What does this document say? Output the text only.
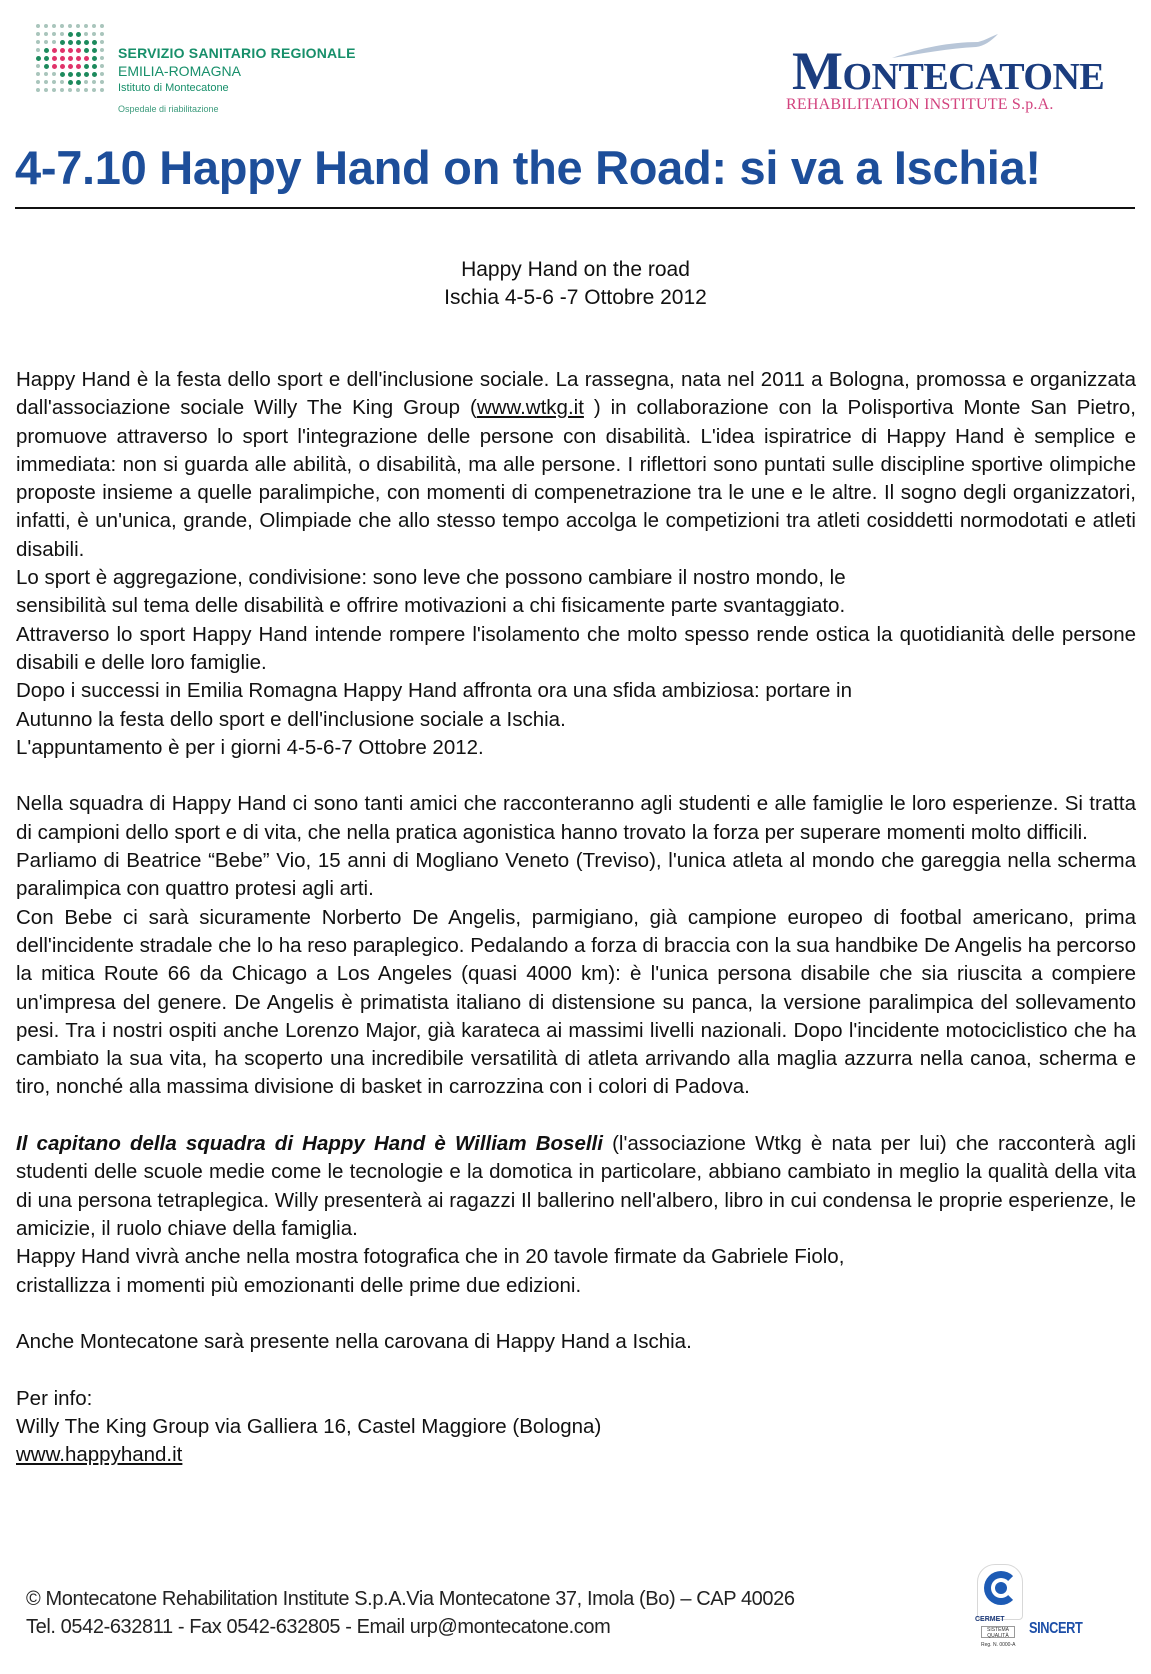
SERVIZIO SANITARIO REGIONALE
EMILIA-ROMAGNA
Istituto di Montecatone
Ospedale di riabilitazione
MONTECATONE
REHABILITATION INSTITUTE S.p.A.
4-7.10 Happy Hand on the Road: si va a Ischia!
Happy Hand on the road
Ischia 4-5-6 -7 Ottobre 2012

Happy Hand è la festa dello sport e dell'inclusione sociale. La rassegna, nata nel 2011 a Bologna, promossa e organizzata dall'associazione sociale Willy The King Group (www.wtkg.it ) in collaborazione con la Polisportiva Monte San Pietro, promuove attraverso lo sport l'integrazione delle persone con disabilità. L'idea ispiratrice di Happy Hand è semplice e immediata: non si guarda alle abilità, o disabilità, ma alle persone. I riflettori sono puntati sulle discipline sportive olimpiche proposte insieme a quelle paralimpiche, con momenti di compenetrazione tra le une e le altre. Il sogno degli organizzatori, infatti, è un'unica, grande, Olimpiade che allo stesso tempo accolga le competizioni tra atleti cosiddetti normodotati e atleti disabili.

Lo sport è aggregazione, condivisione: sono leve che possono cambiare il nostro mondo, le

sensibilità sul tema delle disabilità e offrire motivazioni a chi fisicamente parte svantaggiato.

Attraverso lo sport Happy Hand intende rompere l'isolamento che molto spesso rende ostica la quotidianità delle persone disabili e delle loro famiglie.

Dopo i successi in Emilia Romagna Happy Hand affronta ora una sfida ambiziosa: portare in

Autunno la festa dello sport e dell'inclusione sociale a Ischia.

L'appuntamento è per i giorni 4-5-6-7 Ottobre 2012.

Nella squadra di Happy Hand ci sono tanti amici che racconteranno agli studenti e alle famiglie le loro esperienze. Si tratta di campioni dello sport e di vita, che nella pratica agonistica hanno trovato la forza per superare momenti molto difficili.

Parliamo di Beatrice “Bebe” Vio, 15 anni di Mogliano Veneto (Treviso), l'unica atleta al mondo che gareggia nella scherma paralimpica con quattro protesi agli arti.

Con Bebe ci sarà sicuramente Norberto De Angelis, parmigiano, già campione europeo di footbal americano, prima dell'incidente stradale che lo ha reso paraplegico. Pedalando a forza di braccia con la sua handbike De Angelis ha percorso la mitica Route 66 da Chicago a Los Angeles (quasi 4000 km): è l'unica persona disabile che sia riuscita a compiere un'impresa del genere. De Angelis è primatista italiano di distensione su panca, la versione paralimpica del sollevamento pesi. Tra i nostri ospiti anche Lorenzo Major, già karateca ai massimi livelli nazionali. Dopo l'incidente motociclistico che ha cambiato la sua vita, ha scoperto una incredibile versatilità di atleta arrivando alla maglia azzurra nella canoa, scherma e tiro, nonché alla massima divisione di basket in carrozzina con i colori di Padova.

Il capitano della squadra di Happy Hand è William Boselli (l'associazione Wtkg è nata per lui) che racconterà agli studenti delle scuole medie come le tecnologie e la domotica in particolare, abbiano cambiato in meglio la qualità della vita di una persona tetraplegica. Willy presenterà ai ragazzi Il ballerino nell'albero, libro in cui condensa le proprie esperienze, le amicizie, il ruolo chiave della famiglia.

Happy Hand vivrà anche nella mostra fotografica che in 20 tavole firmate da Gabriele Fiolo,

cristallizza i momenti più emozionanti delle prime due edizioni.

Anche Montecatone sarà presente nella carovana di Happy Hand a Ischia.

Per info:

Willy The King Group via Galliera 16, Castel Maggiore (Bologna)

www.happyhand.it

© Montecatone Rehabilitation Institute S.p.A.Via Montecatone 37, Imola (Bo) – CAP 40026
Tel. 0542-632811 - Fax 0542-632805 - Email urp@montecatone.com	CERMET
SISTEMA QUALITÀ
Reg. N. 0000-A
SINCERT
